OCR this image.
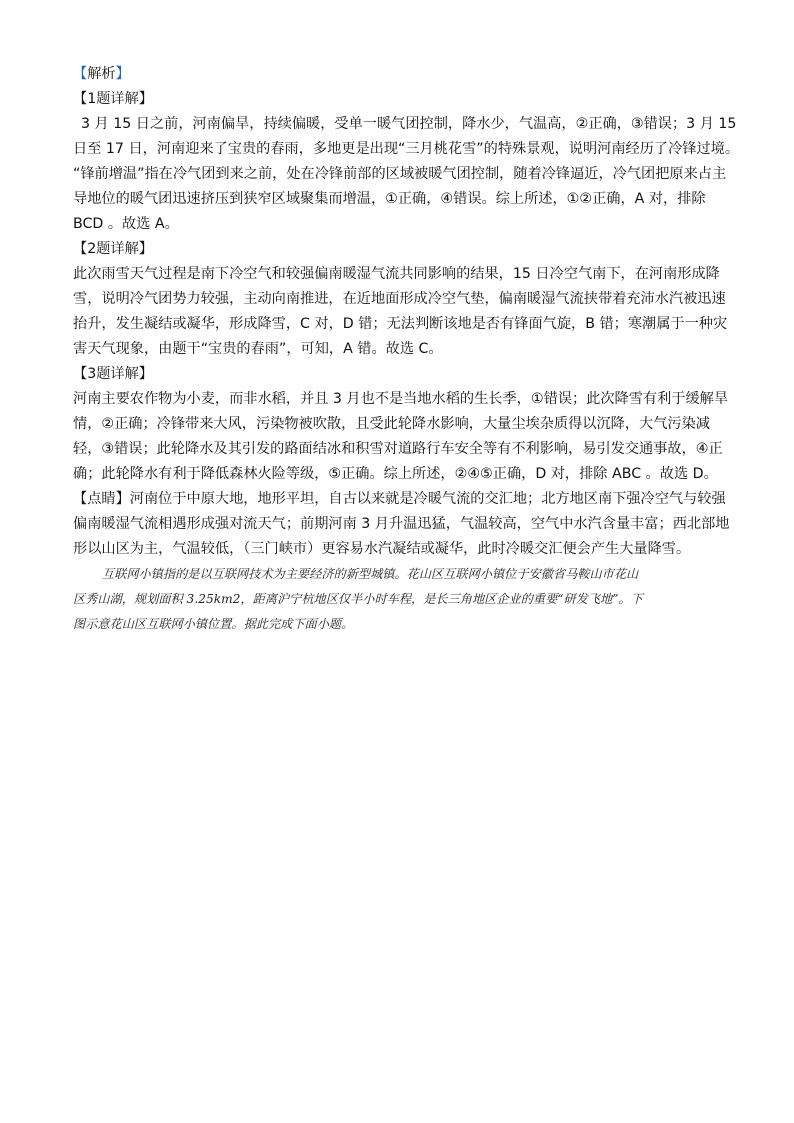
【解析】
【1题详解】
3 月 15 日之前，河南偏旱，持续偏暖，受单一暖气团控制，降水少，气温高，②正确，③错误；3 月 15
日至 17 日，河南迎来了宝贵的春雨，多地更是出现“三月桃花雪”的特殊景观，说明河南经历了冷锋过境。
“锋前增温”指在冷气团到来之前，处在冷锋前部的区域被暖气团控制，随着冷锋逼近，冷气团把原来占主
导地位的暖气团迅速挤压到狭窄区域聚集而增温，①正确，④错误。综上所述，①②正确，A 对，排除
BCD 。故选 A。
【2题详解】
此次雨雪天气过程是南下冷空气和较强偏南暖湿气流共同影响的结果，15 日冷空气南下，在河南形成降
雪，说明冷气团势力较强，主动向南推进，在近地面形成冷空气垫，偏南暖湿气流挟带着充沛水汽被迅速
抬升，发生凝结或凝华，形成降雪，C 对，D 错；无法判断该地是否有锋面气旋，B 错；寒潮属于一种灾
害天气现象，由题干“宝贵的春雨”，可知，A 错。故选 C。
【3题详解】
河南主要农作物为小麦，而非水稻，并且 3 月也不是当地水稻的生长季，①错误；此次降雪有利于缓解旱
情，②正确；冷锋带来大风，污染物被吹散，且受此轮降水影响，大量尘埃杂质得以沉降，大气污染减
轻，③错误；此轮降水及其引发的路面结冰和积雪对道路行车安全等有不利影响，易引发交通事故，④正
确；此轮降水有利于降低森林火险等级，⑤正确。综上所述，②④⑤正确，D 对，排除 ABC 。故选 D。
【点睛】河南位于中原大地，地形平坦，自古以来就是冷暖气流的交汇地；北方地区南下强冷空气与较强
偏南暖湿气流相遇形成强对流天气；前期河南 3 月升温迅猛，气温较高，空气中水汽含量丰富；西北部地
形以山区为主，气温较低，（三门峡市）更容易水汽凝结或凝华，此时冷暖交汇便会产生大量降雪。
互联网小镇指的是以互联网技术为主要经济的新型城镇。花山区互联网小镇位于安徽省马鞍山市花山
区秀山湖，规划面积 3.25km2，距离沪宁杭地区仅半小时车程，是长三角地区企业的重要“研发飞地”。下
图示意花山区互联网小镇位置。据此完成下面小题。
